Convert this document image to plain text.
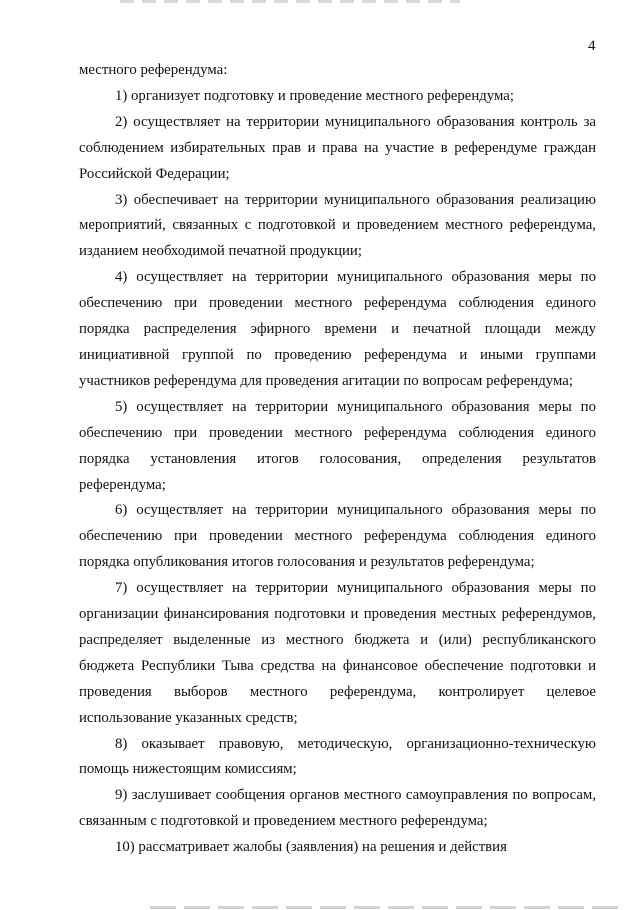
4

местного референдума:

1) организует подготовку и проведение местного референдума;

2) осуществляет на территории муниципального образования контроль за соблюдением избирательных прав и права на участие в референдуме граждан Российской Федерации;

3) обеспечивает на территории муниципального образования реализацию мероприятий, связанных с подготовкой и проведением местного референдума, изданием необходимой печатной продукции;

4) осуществляет на территории муниципального образования меры по обеспечению при проведении местного референдума соблюдения единого порядка распределения эфирного времени и печатной площади между инициативной группой по проведению референдума и иными группами участников референдума для проведения агитации по вопросам референдума;

5) осуществляет на территории муниципального образования меры по обеспечению при проведении местного референдума соблюдения единого порядка установления итогов голосования, определения результатов референдума;

6) осуществляет на территории муниципального образования меры по обеспечению при проведении местного референдума соблюдения единого порядка опубликования итогов голосования и результатов референдума;

7) осуществляет на территории муниципального образования меры по организации финансирования подготовки и проведения местных референдумов, распределяет выделенные из местного бюджета и (или) республиканского бюджета Республики Тыва средства на финансовое обеспечение подготовки и проведения выборов местного референдума, контролирует целевое использование указанных средств;

8) оказывает правовую, методическую, организационно-техническую помощь нижестоящим комиссиям;

9) заслушивает сообщения органов местного самоуправления по вопросам, связанным с подготовкой и проведением местного референдума;

10) рассматривает жалобы (заявления) на решения и действия
